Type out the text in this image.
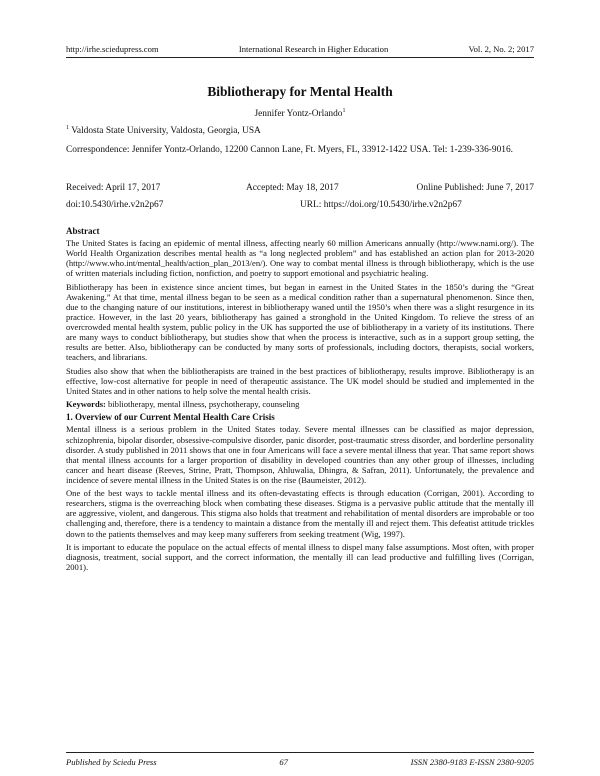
http://irhe.sciedupress.com	International Research in Higher Education	Vol. 2, No. 2; 2017
Bibliotherapy for Mental Health
Jennifer Yontz-Orlando$^1$
$^1$ Valdosta State University, Valdosta, Georgia, USA
Correspondence: Jennifer Yontz-Orlando, 12200 Cannon Lane, Ft. Myers, FL, 33912-1422 USA. Tel: 1-239-336-9016.
Received: April 17, 2017	Accepted: May 18, 2017	Online Published: June 7, 2017
doi:10.5430/irhe.v2n2p67	URL: https://doi.org/10.5430/irhe.v2n2p67
Abstract

The United States is facing an epidemic of mental illness, affecting nearly 60 million Americans annually (http://www.nami.org/). The World Health Organization describes mental health as “a long neglected problem” and has established an action plan for 2013-2020 (http://www.who.int/mental_health/action_plan_2013/en/). One way to combat mental illness is through bibliotherapy, which is the use of written materials including fiction, nonfiction, and poetry to support emotional and psychiatric healing.

Bibliotherapy has been in existence since ancient times, but began in earnest in the United States in the 1850’s during the “Great Awakening.” At that time, mental illness began to be seen as a medical condition rather than a supernatural phenomenon. Since then, due to the changing nature of our institutions, interest in bibliotherapy waned until the 1950’s when there was a slight resurgence in its practice. However, in the last 20 years, bibliotherapy has gained a stronghold in the United Kingdom. To relieve the stress of an overcrowded mental health system, public policy in the UK has supported the use of bibliotherapy in a variety of its institutions. There are many ways to conduct bibliotherapy, but studies show that when the process is interactive, such as in a support group setting, the results are better. Also, bibliotherapy can be conducted by many sorts of professionals, including doctors, therapists, social workers, teachers, and librarians.

Studies also show that when the bibliotherapists are trained in the best practices of bibliotherapy, results improve. Bibliotherapy is an effective, low-cost alternative for people in need of therapeutic assistance. The UK model should be studied and implemented in the United States and in other nations to help solve the mental health crisis.

Keywords: bibliotherapy, mental illness, psychotherapy, counseling

1. Overview of our Current Mental Health Care Crisis

Mental illness is a serious problem in the United States today. Severe mental illnesses can be classified as major depression, schizophrenia, bipolar disorder, obsessive-compulsive disorder, panic disorder, post-traumatic stress disorder, and borderline personality disorder. A study published in 2011 shows that one in four Americans will face a severe mental illness that year. That same report shows that mental illness accounts for a larger proportion of disability in developed countries than any other group of illnesses, including cancer and heart disease (Reeves, Strine, Pratt, Thompson, Ahluwalia, Dhingra, & Safran, 2011). Unfortunately, the prevalence and incidence of severe mental illness in the United States is on the rise (Baumeister, 2012).

One of the best ways to tackle mental illness and its often-devastating effects is through education (Corrigan, 2001). According to researchers, stigma is the overreaching block when combating these diseases. Stigma is a pervasive public attitude that the mentally ill are aggressive, violent, and dangerous. This stigma also holds that treatment and rehabilitation of mental disorders are improbable or too challenging and, therefore, there is a tendency to maintain a distance from the mentally ill and reject them. This defeatist attitude trickles down to the patients themselves and may keep many sufferers from seeking treatment (Wig, 1997).

It is important to educate the populace on the actual effects of mental illness to dispel many false assumptions. Most often, with proper diagnosis, treatment, social support, and the correct information, the mentally ill can lead productive and fulfilling lives (Corrigan, 2001).

Published by Sciedu Press	67	ISSN 2380-9183 E-ISSN 2380-9205
